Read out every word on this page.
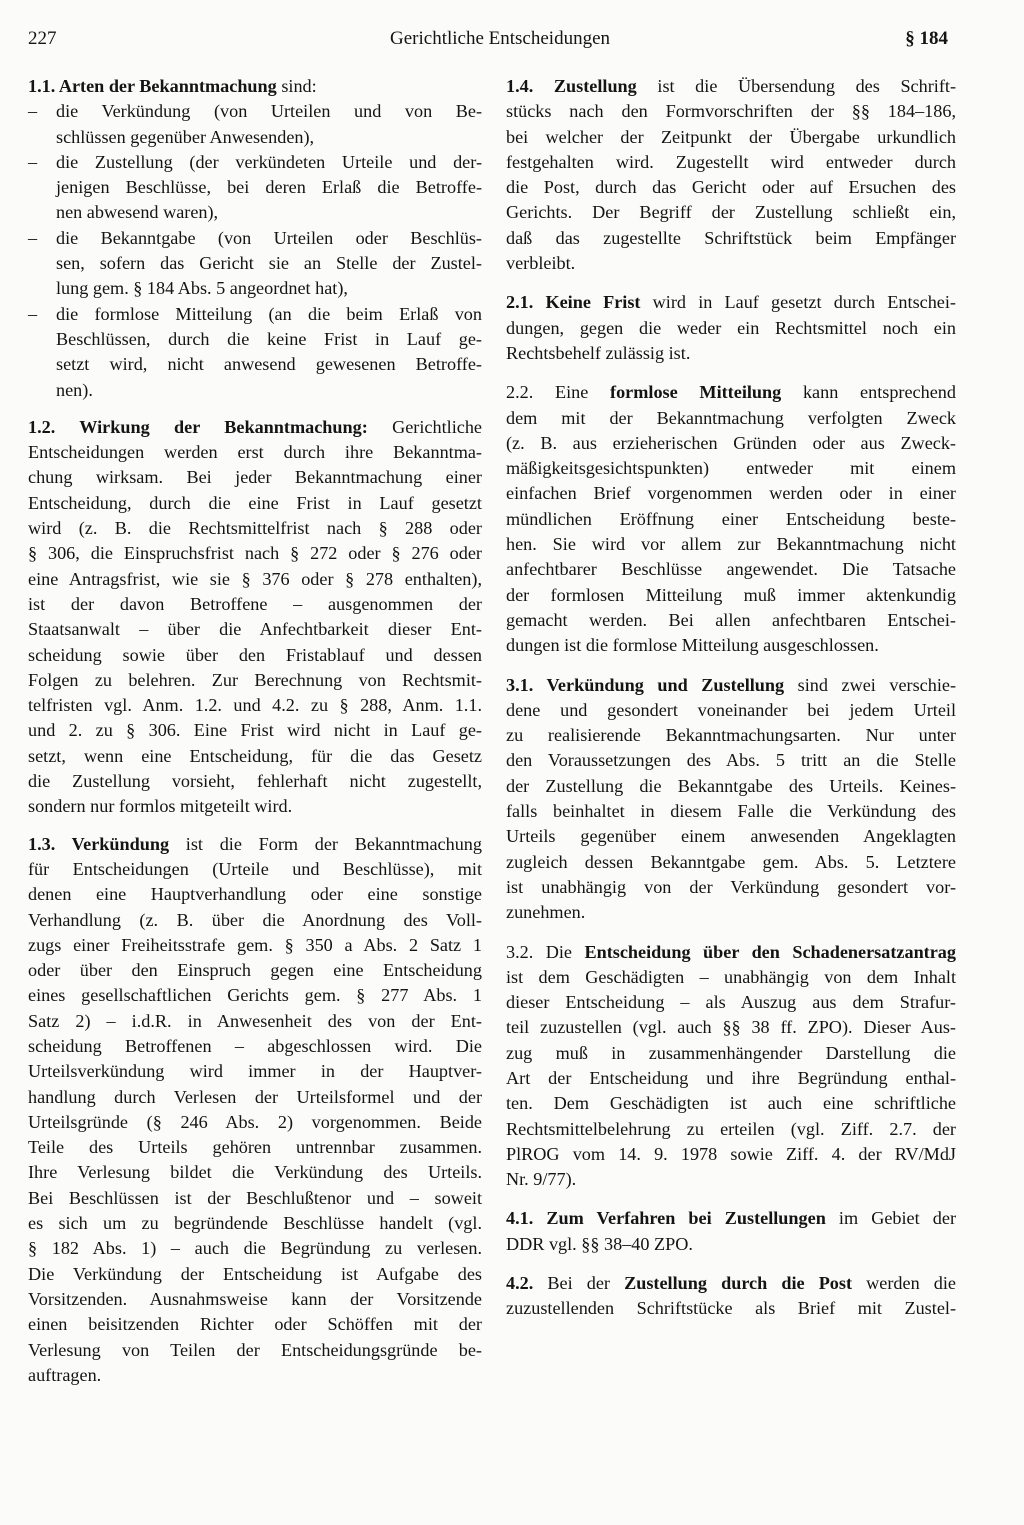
227	Gerichtliche Entscheidungen	§ 184
1.1. Arten der Bekanntmachung sind:
– die Verkündung (von Urteilen und von Be-
schlüssen gegenüber Anwesenden),
– die Zustellung (der verkündeten Urteile und der-
jenigen Beschlüsse, bei deren Erlaß die Betroffe-
nen abwesend waren),
– die Bekanntgabe (von Urteilen oder Beschlüs-
sen, sofern das Gericht sie an Stelle der Zustel-
lung gem. § 184 Abs. 5 angeordnet hat),
– die formlose Mitteilung (an die beim Erlaß von
Beschlüssen, durch die keine Frist in Lauf ge-
setzt wird, nicht anwesend gewesenen Betroffe-
nen).
1.2. Wirkung der Bekanntmachung: Gerichtliche
Entscheidungen werden erst durch ihre Bekanntma-
chung wirksam. Bei jeder Bekanntmachung einer
Entscheidung, durch die eine Frist in Lauf gesetzt
wird (z. B. die Rechtsmittelfrist nach § 288 oder
§ 306, die Einspruchsfrist nach § 272 oder § 276 oder
eine Antragsfrist, wie sie § 376 oder § 278 enthalten),
ist der davon Betroffene – ausgenommen der
Staatsanwalt – über die Anfechtbarkeit dieser Ent-
scheidung sowie über den Fristablauf und dessen
Folgen zu belehren. Zur Berechnung von Rechtsmit-
telfristen vgl. Anm. 1.2. und 4.2. zu § 288, Anm. 1.1.
und 2. zu § 306. Eine Frist wird nicht in Lauf ge-
setzt, wenn eine Entscheidung, für die das Gesetz
die Zustellung vorsieht, fehlerhaft nicht zugestellt,
sondern nur formlos mitgeteilt wird.
1.3. Verkündung ist die Form der Bekanntmachung
für Entscheidungen (Urteile und Beschlüsse), mit
denen eine Hauptverhandlung oder eine sonstige
Verhandlung (z. B. über die Anordnung des Voll-
zugs einer Freiheitsstrafe gem. § 350 a Abs. 2 Satz 1
oder über den Einspruch gegen eine Entscheidung
eines gesellschaftlichen Gerichts gem. § 277 Abs. 1
Satz 2) – i.d.R. in Anwesenheit des von der Ent-
scheidung Betroffenen – abgeschlossen wird. Die
Urteilsverkündung wird immer in der Hauptver-
handlung durch Verlesen der Urteilsformel und der
Urteilsgründe (§ 246 Abs. 2) vorgenommen. Beide
Teile des Urteils gehören untrennbar zusammen.
Ihre Verlesung bildet die Verkündung des Urteils.
Bei Beschlüssen ist der Beschlußtenor und – soweit
es sich um zu begründende Beschlüsse handelt (vgl.
§ 182 Abs. 1) – auch die Begründung zu verlesen.
Die Verkündung der Entscheidung ist Aufgabe des
Vorsitzenden. Ausnahmsweise kann der Vorsitzende
einen beisitzenden Richter oder Schöffen mit der
Verlesung von Teilen der Entscheidungsgründe be-
auftragen.
1.4. Zustellung ist die Übersendung des Schrift-
stücks nach den Formvorschriften der §§ 184–186,
bei welcher der Zeitpunkt der Übergabe urkundlich
festgehalten wird. Zugestellt wird entweder durch
die Post, durch das Gericht oder auf Ersuchen des
Gerichts. Der Begriff der Zustellung schließt ein,
daß das zugestellte Schriftstück beim Empfänger
verbleibt.
2.1. Keine Frist wird in Lauf gesetzt durch Entschei-
dungen, gegen die weder ein Rechtsmittel noch ein
Rechtsbehelf zulässig ist.
2.2. Eine formlose Mitteilung kann entsprechend
dem mit der Bekanntmachung verfolgten Zweck
(z. B. aus erzieherischen Gründen oder aus Zweck-
mäßigkeitsgesichtspunkten) entweder mit einem
einfachen Brief vorgenommen werden oder in einer
mündlichen Eröffnung einer Entscheidung beste-
hen. Sie wird vor allem zur Bekanntmachung nicht
anfechtbarer Beschlüsse angewendet. Die Tatsache
der formlosen Mitteilung muß immer aktenkundig
gemacht werden. Bei allen anfechtbaren Entschei-
dungen ist die formlose Mitteilung ausgeschlossen.
3.1. Verkündung und Zustellung sind zwei verschie-
dene und gesondert voneinander bei jedem Urteil
zu realisierende Bekanntmachungsarten. Nur unter
den Voraussetzungen des Abs. 5 tritt an die Stelle
der Zustellung die Bekanntgabe des Urteils. Keines-
falls beinhaltet in diesem Falle die Verkündung des
Urteils gegenüber einem anwesenden Angeklagten
zugleich dessen Bekanntgabe gem. Abs. 5. Letztere
ist unabhängig von der Verkündung gesondert vor-
zunehmen.
3.2. Die Entscheidung über den Schadenersatzantrag
ist dem Geschädigten – unabhängig von dem Inhalt
dieser Entscheidung – als Auszug aus dem Strafur-
teil zuzustellen (vgl. auch §§ 38 ff. ZPO). Dieser Aus-
zug muß in zusammenhängender Darstellung die
Art der Entscheidung und ihre Begründung enthal-
ten. Dem Geschädigten ist auch eine schriftliche
Rechtsmittelbelehrung zu erteilen (vgl. Ziff. 2.7. der
PlROG vom 14. 9. 1978 sowie Ziff. 4. der RV/MdJ
Nr. 9/77).
4.1. Zum Verfahren bei Zustellungen im Gebiet der
DDR vgl. §§ 38–40 ZPO.
4.2. Bei der Zustellung durch die Post werden die
zuzustellenden Schriftstücke als Brief mit Zustel-
